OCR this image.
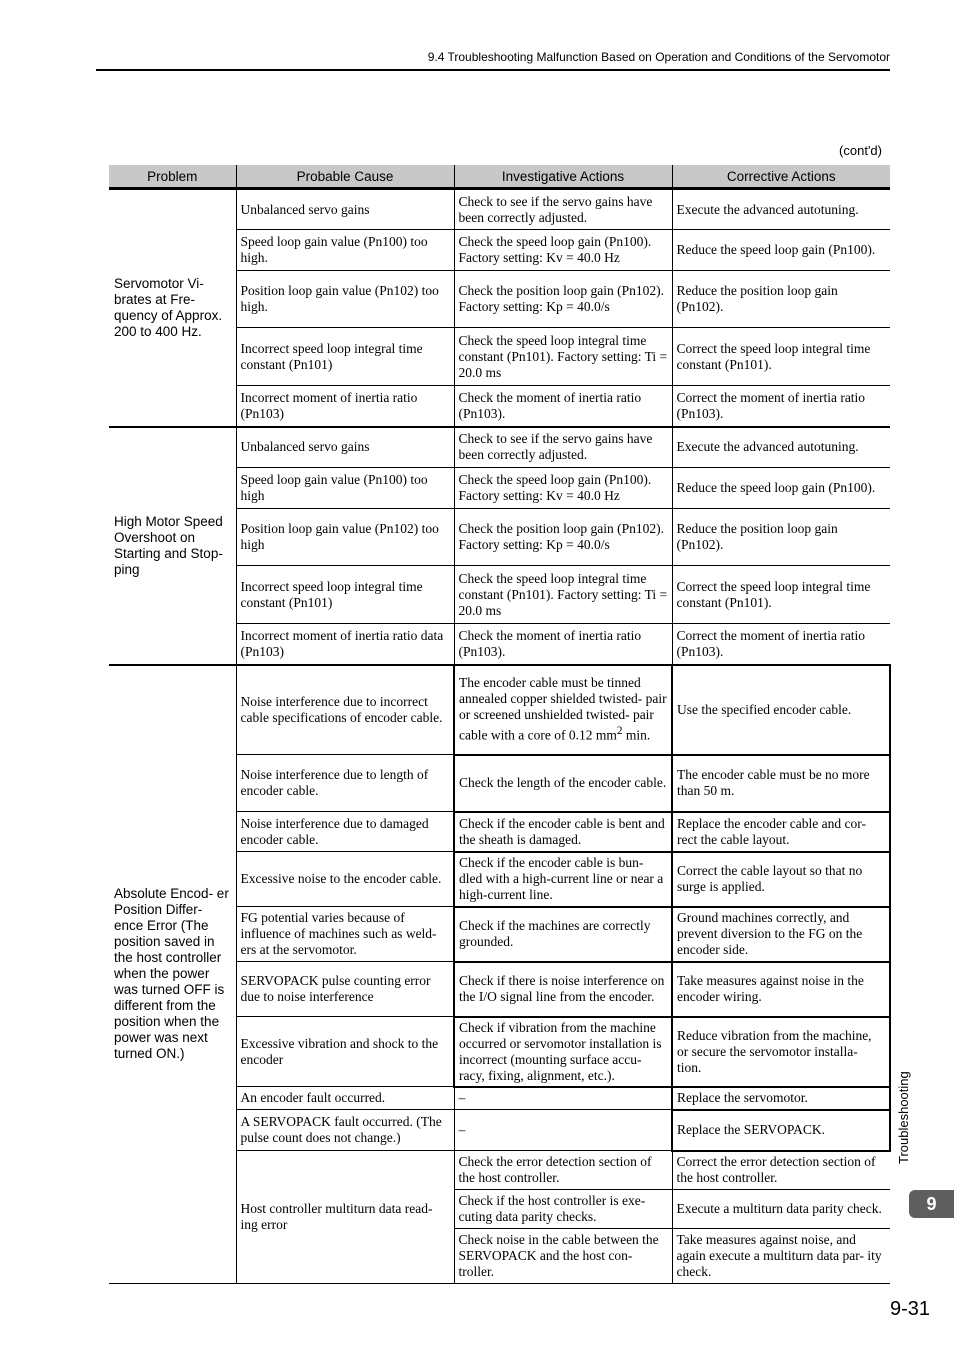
9.4 Troubleshooting Malfunction Based on Operation and Conditions of the Servomotor
(cont'd)
Problem	Probable Cause	Investigative Actions	Corrective Actions
Servomotor Vi- brates at Fre- quency of Approx. 200 to 400 Hz.	Unbalanced servo gains	Check to see if the servo gains have been correctly adjusted.	Execute the advanced autotuning.
	Speed loop gain value (Pn100) too high.	Check the speed loop gain (Pn100). Factory setting: Kv = 40.0 Hz	Reduce the speed loop gain (Pn100).
	Position loop gain value (Pn102) too high.	Check the position loop gain (Pn102). Factory setting: Kp = 40.0/s	Reduce the position loop gain (Pn102).
	Incorrect speed loop integral time constant (Pn101)	Check the speed loop integral time constant (Pn101). Factory setting: Ti = 20.0 ms	Correct the speed loop integral time constant (Pn101).
	Incorrect moment of inertia ratio (Pn103)	Check the moment of inertia ratio (Pn103).	Correct the moment of inertia ratio (Pn103).
High Motor Speed Overshoot on Starting and Stop- ping	Unbalanced servo gains	Check to see if the servo gains have been correctly adjusted.	Execute the advanced autotuning.
	Speed loop gain value (Pn100) too high	Check the speed loop gain (Pn100). Factory setting: Kv = 40.0 Hz	Reduce the speed loop gain (Pn100).
	Position loop gain value (Pn102) too high	Check the position loop gain (Pn102). Factory setting: Kp = 40.0/s	Reduce the position loop gain (Pn102).
	Incorrect speed loop integral time constant (Pn101)	Check the speed loop integral time constant (Pn101). Factory setting: Ti = 20.0 ms	Correct the speed loop integral time constant (Pn101).
	Incorrect moment of inertia ratio data (Pn103)	Check the moment of inertia ratio (Pn103).	Correct the moment of inertia ratio (Pn103).
Absolute Encod- er Position Differ- ence Error (The position saved in the host controller when the power was turned OFF is different from the position when the power was next turned ON.)	Noise interference due to incorrect cable specifications of encoder cable.	The encoder cable must be tinned annealed copper shielded twisted- pair or screened unshielded twisted- pair cable with a core of 0.12 $mm^2$ min.	Use the specified encoder cable.
	Noise interference due to length of encoder cable.	Check the length of the encoder cable.	The encoder cable must be no more than 50 m.
	Noise interference due to damaged encoder cable.	Check if the encoder cable is bent and the sheath is damaged.	Replace the encoder cable and cor- rect the cable layout.
	Excessive noise to the encoder cable.	Check if the encoder cable is bun- dled with a high-current line or near a high-current line.	Correct the cable layout so that no surge is applied.
	FG potential varies because of influence of machines such as weld- ers at the servomotor.	Check if the machines are correctly grounded.	Ground machines correctly, and prevent diversion to the FG on the encoder side.
	SERVOPACK pulse counting error due to noise interference	Check if there is noise interference on the I/O signal line from the encoder.	Take measures against noise in the encoder wiring.
	Excessive vibration and shock to the encoder	Check if vibration from the machine occurred or servomotor installation is incorrect (mounting surface accu- racy, fixing, alignment, etc.).	Reduce vibration from the machine, or secure the servomotor installa- tion.
	An encoder fault occurred.	–	Replace the servomotor.
	A SERVOPACK fault occurred. (The pulse count does not change.)	–	Replace the SERVOPACK.
	Host controller multiturn data read- ing error	Check the error detection section of the host controller.	Correct the error detection section of the host controller.
		Check if the host controller is exe- cuting data parity checks.	Execute a multiturn data parity check.
		Check noise in the cable between the SERVOPACK and the host con- troller.	Take measures against noise, and again execute a multiturn data par- ity check.
Troubleshooting
9
9-31
